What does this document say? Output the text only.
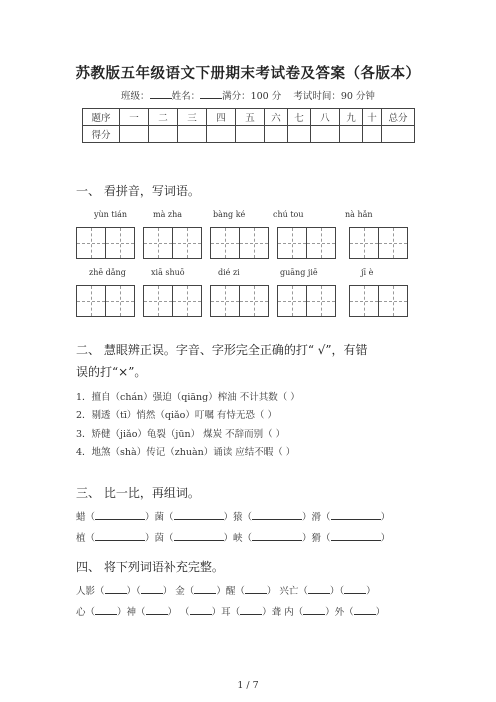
苏教版五年级语文下册期末考试卷及答案（各版本）
班级： 姓名： 满分：100 分 考试时间：90 分钟
题序	一	二	三	四	五	六	七	八	九	十	总分
得分											
一、 看拼音，写词语。
yùn tián	mà zha	bàng ké	chú tou	nà hǎn
zhē dǎng	xiā shuō	dié zi	guāng jiē	jī è
二、 慧眼辨正误。字音、字形完全正确的打“ √”，有错
误的打“×”。
1．擅自（chán）强迫（qiāng）榨油 不计其数（ ）
2．剔透（tī）悄然（qiǎo）叮嘱 有恃无恐（ ）
3．矫健（jiǎo）龟裂（jūn） 煤炭 不辞而别（ ）
4．地煞（shà）传记（zhuàn）诵读 应结不暇（ ）
三、 比一比，再组词。
蜡（	）菌（	）猿（	）滑（	）
植（	）茵（	）峡（	）猾（	）
四、 将下列词语补充完整。
人影（ ）（ ） 金（ ）醒（ ） 兴亡（ ）（ ）
心（ ）神（ ） （ ）耳（ ）聋 内（ ）外（ ）
1 / 7
